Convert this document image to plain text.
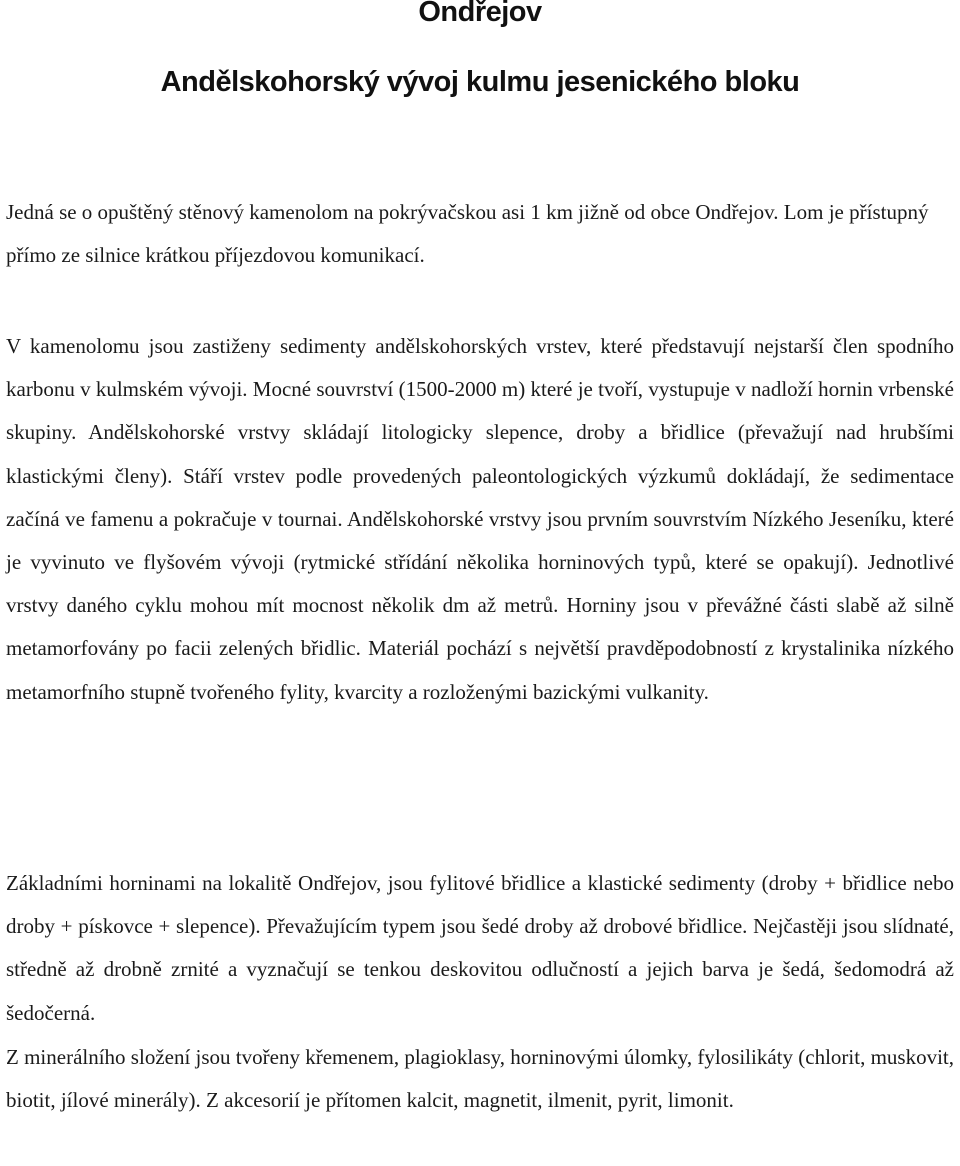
Ondřejov
Andělskohorský vývoj kulmu jesenického bloku

Jedná se o opuštěný stěnový kamenolom na pokrývačskou asi 1 km jižně od obce Ondřejov. Lom je přístupný přímo ze silnice krátkou příjezdovou komunikací.

V kamenolomu jsou zastiženy sedimenty andělskohorských vrstev, které představují nejstarší člen spodního karbonu v kulmském vývoji. Mocné souvrství (1500-2000 m) které je tvoří, vystupuje v nadloží hornin vrbenské skupiny. Andělskohorské vrstvy skládají litologicky slepence, droby a břidlice (převažují nad hrubšími klastickými členy). Stáří vrstev podle provedených paleontologických výzkumů dokládají, že sedimentace začíná ve famenu a pokračuje v tournai. Andělskohorské vrstvy jsou prvním souvrstvím Nízkého Jeseníku, které je vyvinuto ve flyšovém vývoji (rytmické střídání několika horninových typů, které se opakují). Jednotlivé vrstvy daného cyklu mohou mít mocnost několik dm až metrů. Horniny jsou v převážné části slabě až silně metamorfovány po facii zelených břidlic. Materiál pochází s největší pravděpodobností z krystalinika nízkého metamorfního stupně tvořeného fylity, kvarcity a rozloženými bazickými vulkanity.

Základními horninami na lokalitě Ondřejov, jsou fylitové břidlice a klastické sedimenty (droby + břidlice nebo droby + pískovce + slepence). Převažujícím typem jsou šedé droby až drobové břidlice. Nejčastěji jsou slídnaté, středně až drobně zrnité a vyznačují se tenkou deskovitou odlučností a jejich barva je šedá, šedomodrá až šedočerná.

Z minerálního složení jsou tvořeny křemenem, plagioklasy, horninovými úlomky, fylosilikáty (chlorit, muskovit, biotit, jílové minerály). Z akcesorií je přítomen kalcit, magnetit, ilmenit, pyrit, limonit.
